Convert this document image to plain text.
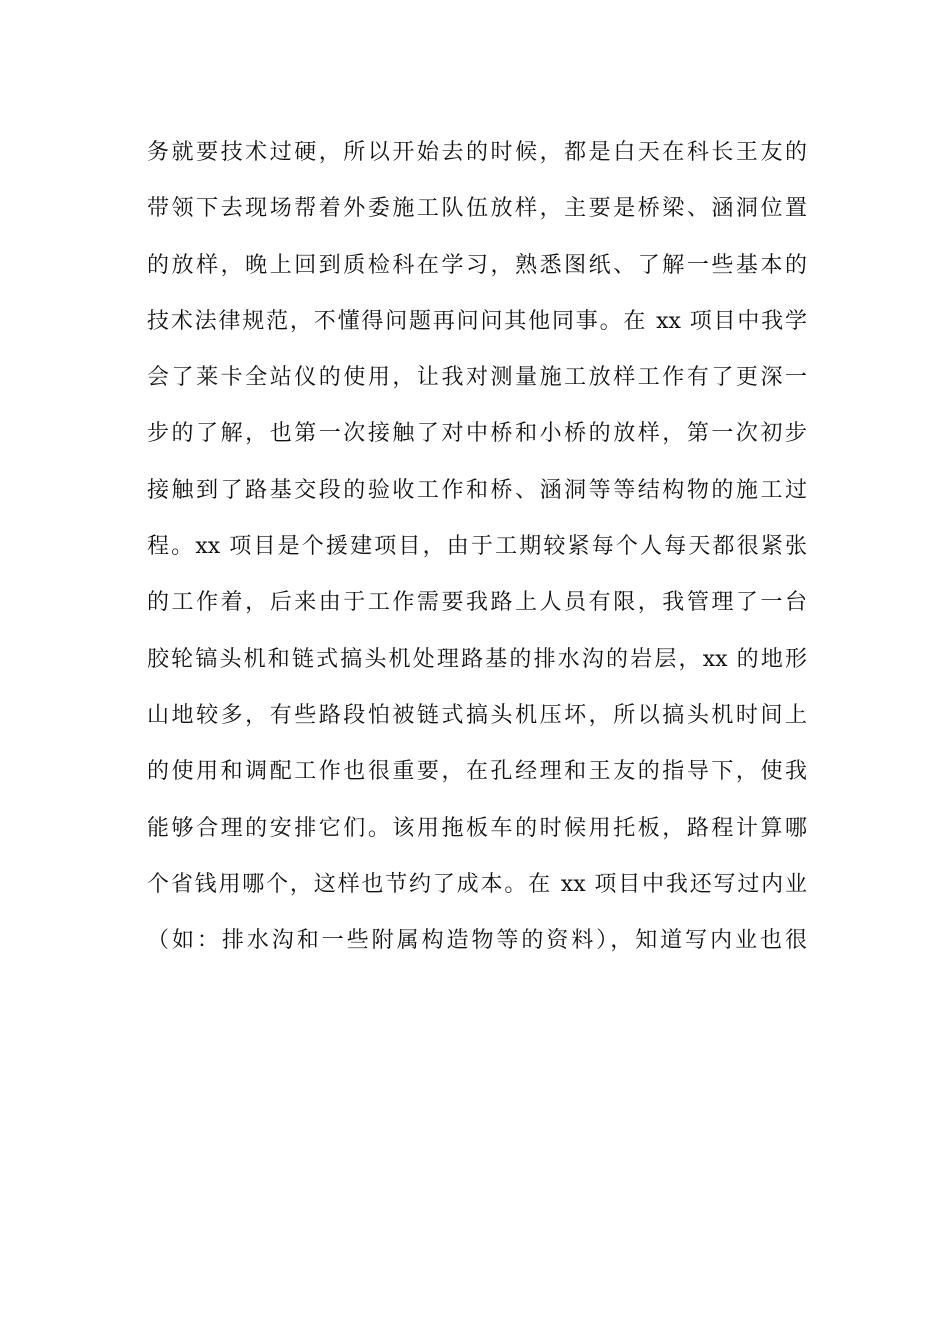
务就要技术过硬，所以开始去的时候，都是白天在科长王友的
带领下去现场帮着外委施工队伍放样，主要是桥梁、涵洞位置
的放样，晚上回到质检科在学习，熟悉图纸、了解一些基本的
技术法律规范，不懂得问题再问问其他同事。在 xx 项目中我学
会了莱卡全站仪的使用，让我对测量施工放样工作有了更深一
步的了解，也第一次接触了对中桥和小桥的放样，第一次初步
接触到了路基交段的验收工作和桥、涵洞等等结构物的施工过
程。xx 项目是个援建项目，由于工期较紧每个人每天都很紧张
的工作着，后来由于工作需要我路上人员有限，我管理了一台
胶轮镐头机和链式搞头机处理路基的排水沟的岩层，xx 的地形
山地较多，有些路段怕被链式搞头机压坏，所以搞头机时间上
的使用和调配工作也很重要，在孔经理和王友的指导下，使我
能够合理的安排它们。该用拖板车的时候用托板，路程计算哪
个省钱用哪个，这样也节约了成本。在 xx 项目中我还写过内业
（如：排水沟和一些附属构造物等的资料），知道写内业也很
